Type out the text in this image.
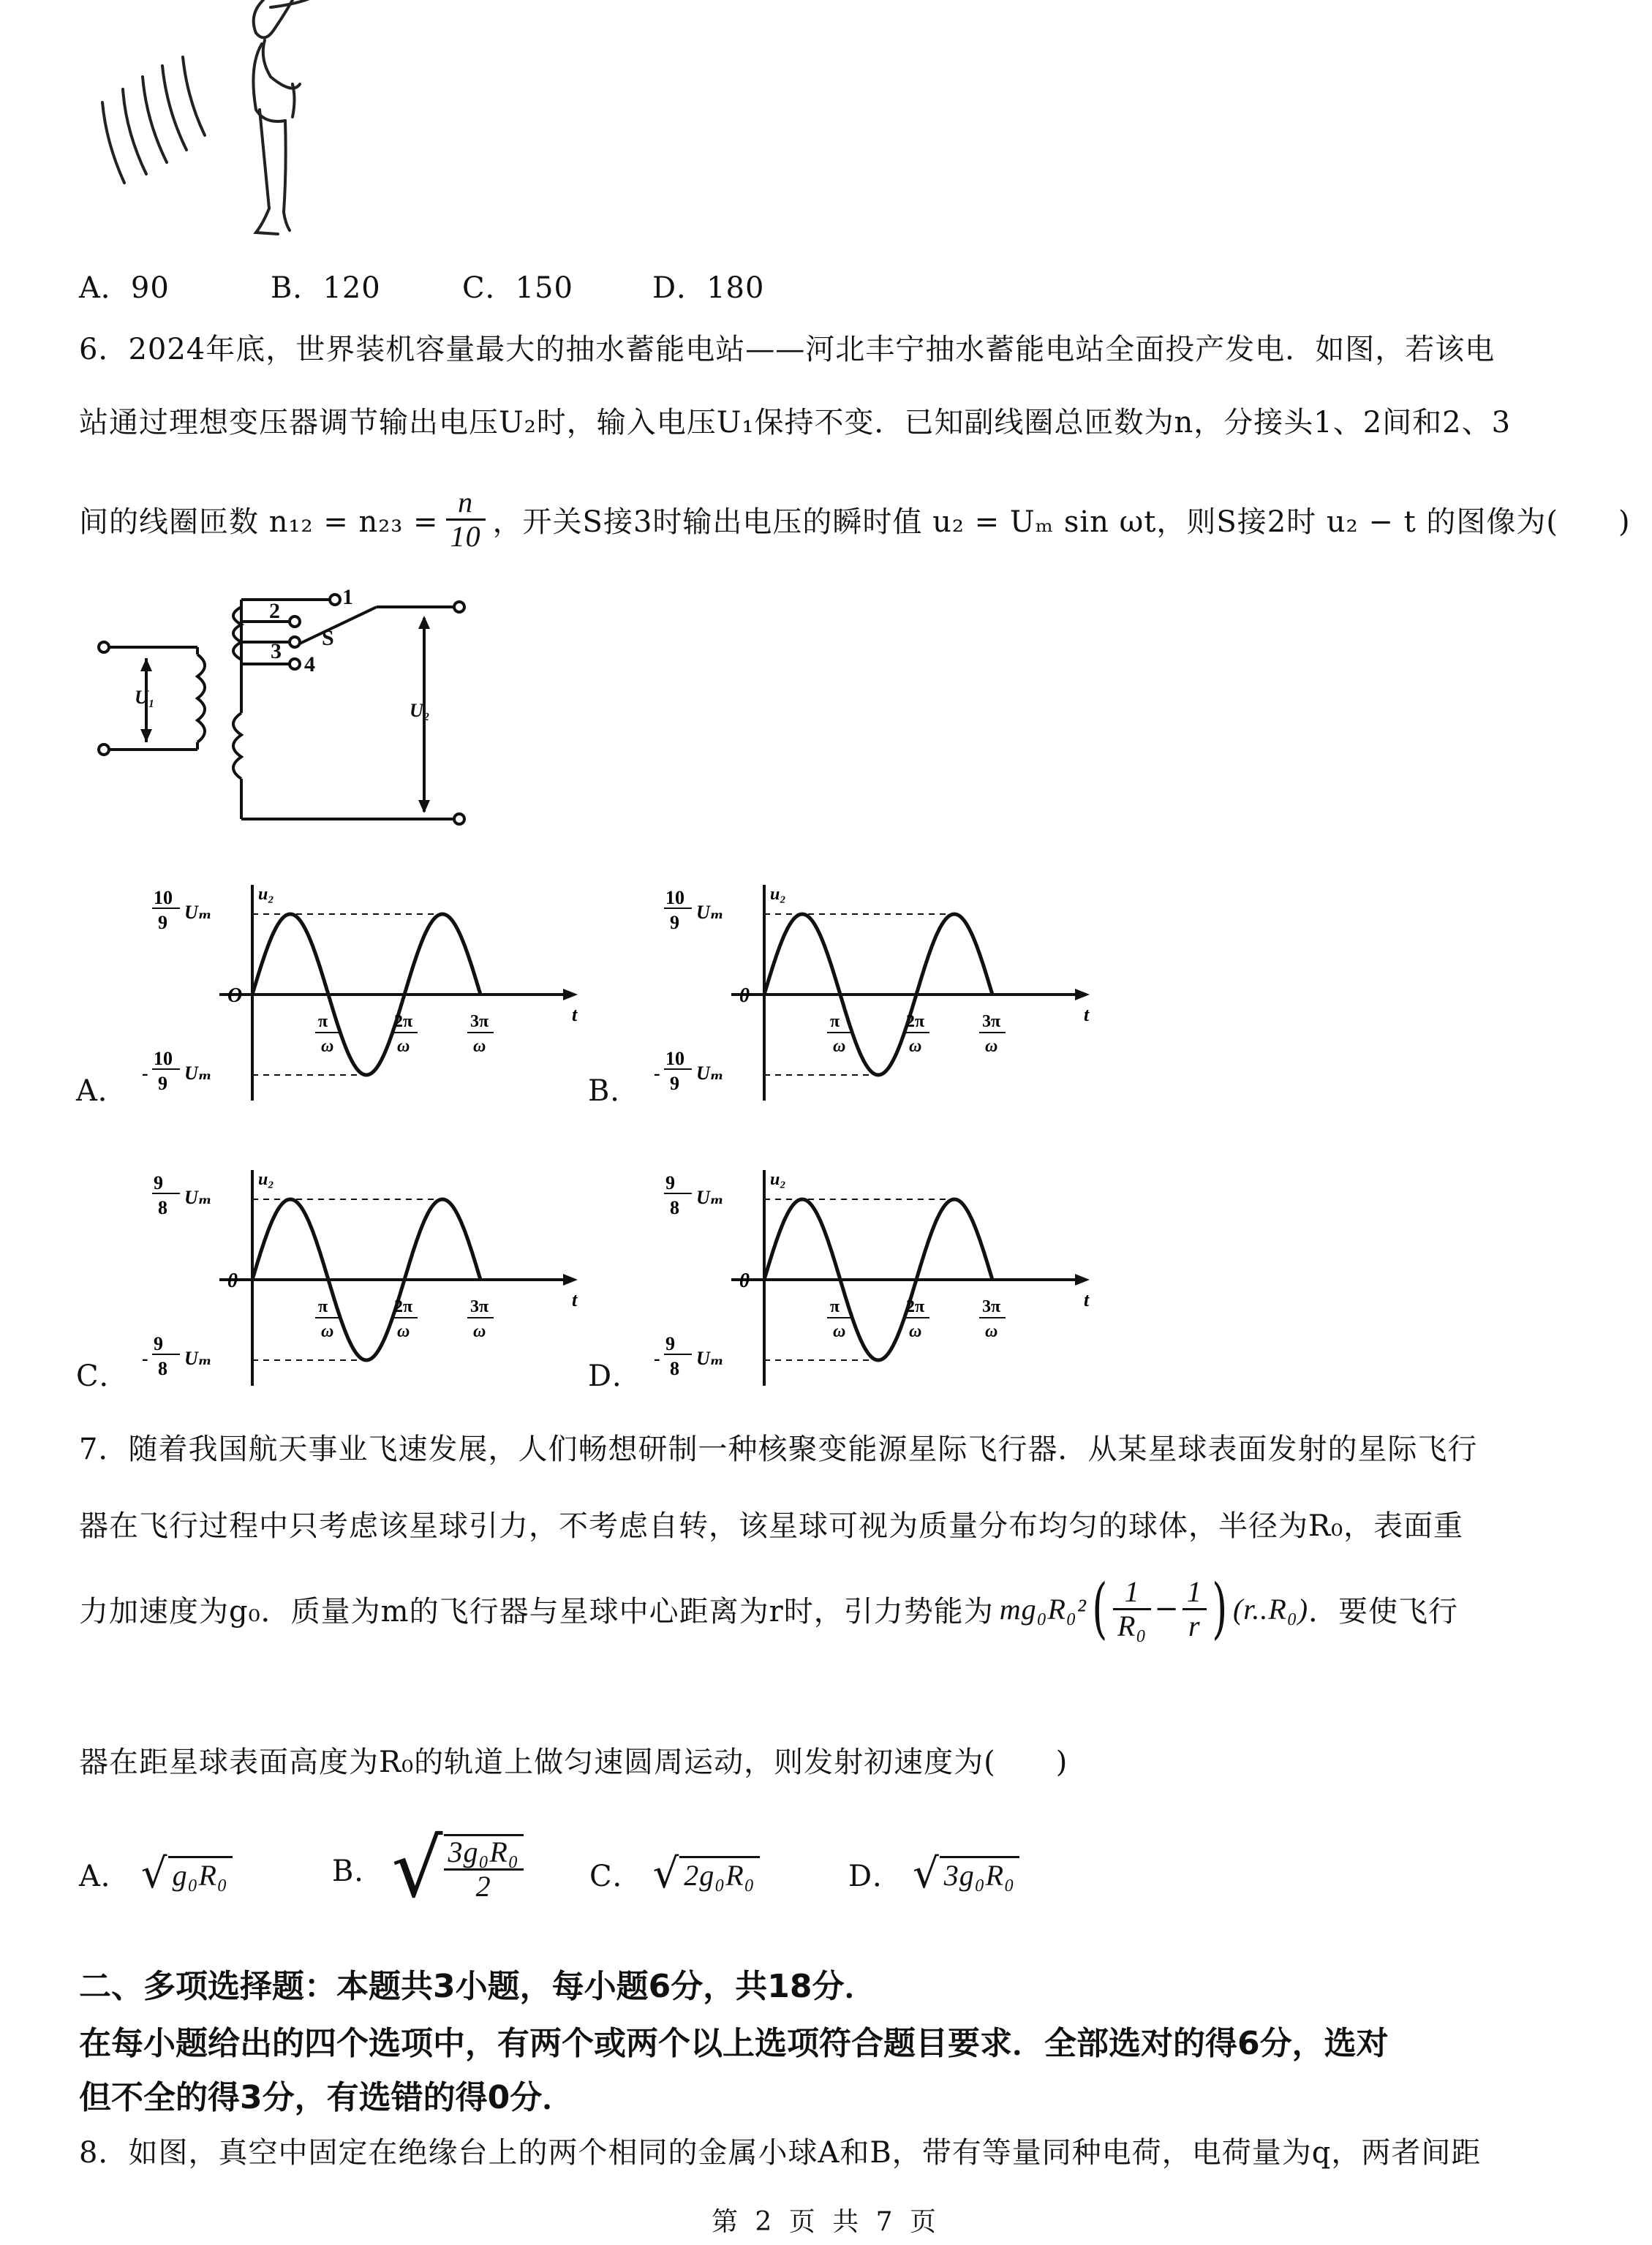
A．90	B．120	C．150	D．180
6．2024年底，世界装机容量最大的抽水蓄能电站——河北丰宁抽水蓄能电站全面投产发电．如图，若该电
站通过理想变压器调节输出电压U₂时，输入电压U₁保持不变．已知副线圈总匝数为n，分接头1、2间和2、3
间的线圈匝数 $n_{12} = n_{23} = \frac{n}{10}$ ，开关S接3时输出电压的瞬时值 u₂ = Uₘ sin ωt，则S接2时 u₂ − t 的图像为(　　)
1
2
3
4
S
U₁
U₂
A．
u₂
t
O
10
9 Uₘ
-
10
9 Uₘ
π
ω
2π
ω
3π
ω
B．
u₂
t
0
10
9 Uₘ
-
10
9 Uₘ
π
ω
2π
ω
3π
ω
C．
u₂
t
0
9
8 Uₘ
-
9
8 Uₘ
π
ω
2π
ω
3π
ω
D．
u₂
t
0
9
8 Uₘ
-
9
8 Uₘ
π
ω
2π
ω
3π
ω
7．随着我国航天事业飞速发展，人们畅想研制一种核聚变能源星际飞行器．从某星球表面发射的星际飞行
器在飞行过程中只考虑该星球引力，不考虑自转，该星球可视为质量分布均匀的球体，半径为R₀，表面重
力加速度为g₀．质量为m的飞行器与星球中心距离为r时，引力势能为 mg₀R₀² ( $\frac{1}{\text{R₀}} - \frac{1}{r}$ ) (r..R₀) ．要使飞行
器在距星球表面高度为R₀的轨道上做匀速圆周运动，则发射初速度为(　　)
A． √ g₀R₀	B． √ $\frac{\text{3g₀R₀}}{2}$ C． √ 2g₀R₀	D． √ 3g₀R₀
二、多项选择题：本题共3小题，每小题6分，共18分．
在每小题给出的四个选项中，有两个或两个以上选项符合题目要求．全部选对的得6分，选对
但不全的得3分，有选错的得0分．
8．如图，真空中固定在绝缘台上的两个相同的金属小球A和B，带有等量同种电荷，电荷量为q，两者间距
第 2 页 共 7 页
